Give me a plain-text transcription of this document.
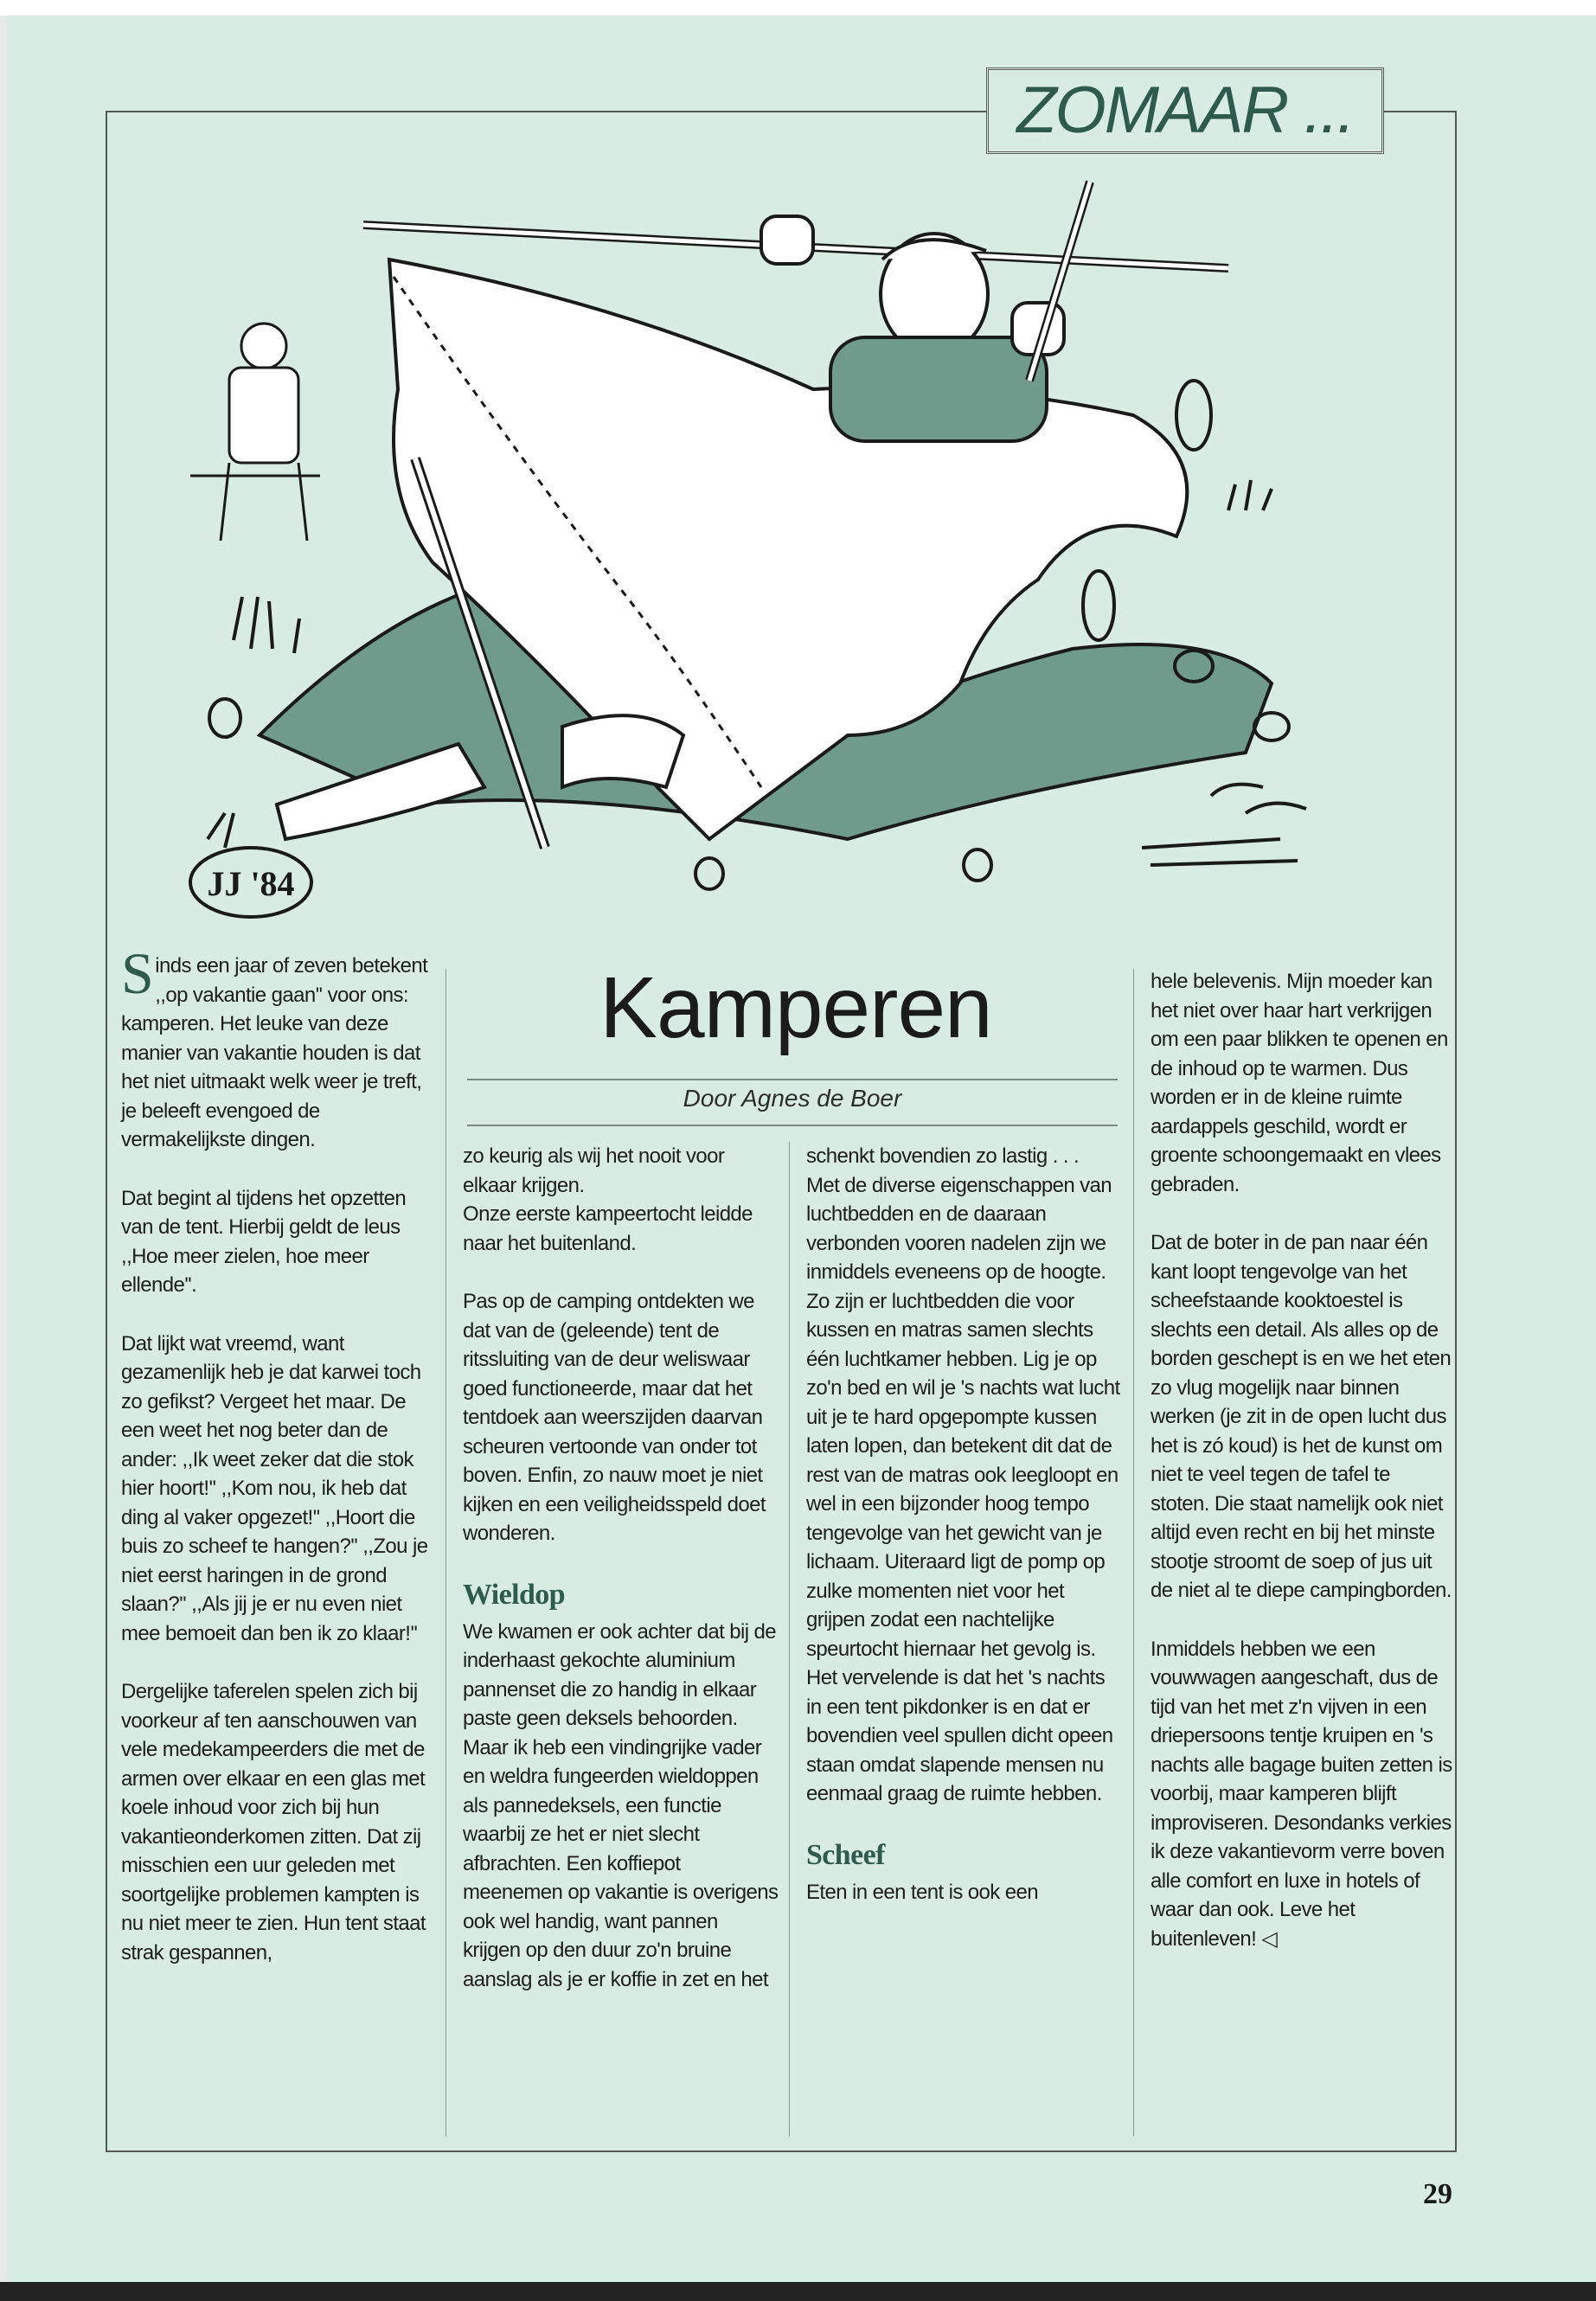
ZOMAAR ...
JJ '84
Kamperen
Door Agnes de Boer

Sinds een jaar of zeven betekent ,,op vakantie gaan'' voor ons: kamperen. Het leuke van deze manier van vakantie houden is dat het niet uitmaakt welk weer je treft, je beleeft evengoed de vermakelijkste dingen.

Dat begint al tijdens het opzetten van de tent. Hierbij geldt de leus ,,Hoe meer zielen, hoe meer ellende''.

Dat lijkt wat vreemd, want gezamenlijk heb je dat karwei toch zo gefikst? Vergeet het maar. De een weet het nog beter dan de ander: ,,Ik weet zeker dat die stok hier hoort!'' ,,Kom nou, ik heb dat ding al vaker opgezet!'' ,,Hoort die buis zo scheef te hangen?'' ,,Zou je niet eerst haringen in de grond slaan?'' ,,Als jij je er nu even niet mee bemoeit dan ben ik zo klaar!''

Dergelijke taferelen spelen zich bij voorkeur af ten aanschouwen van vele medekampeerders die met de armen over elkaar en een glas met koele inhoud voor zich bij hun vakantieonderkomen zitten. Dat zij misschien een uur geleden met soortgelijke problemen kampten is nu niet meer te zien. Hun tent staat strak gespannen,

zo keurig als wij het nooit voor elkaar krijgen.

Onze eerste kampeertocht leidde naar het buitenland.

Pas op de camping ontdekten we dat van de (geleende) tent de ritssluiting van de deur weliswaar goed functioneerde, maar dat het tentdoek aan weerszijden daarvan scheuren vertoonde van onder tot boven. Enfin, zo nauw moet je niet kijken en een veiligheidsspeld doet wonderen.

Wieldop

We kwamen er ook achter dat bij de inderhaast gekochte aluminium pannenset die zo handig in elkaar paste geen deksels behoorden. Maar ik heb een vindingrijke vader en weldra fungeerden wieldoppen als pannedeksels, een functie waarbij ze het er niet slecht afbrachten. Een koffiepot meenemen op vakantie is overigens ook wel handig, want pannen krijgen op den duur zo'n bruine aanslag als je er koffie in zet en het

schenkt bovendien zo lastig . . .

Met de diverse eigenschappen van luchtbedden en de daaraan verbonden vooren nadelen zijn we inmiddels eveneens op de hoogte. Zo zijn er luchtbedden die voor kussen en matras samen slechts één luchtkamer hebben. Lig je op zo'n bed en wil je 's nachts wat lucht uit je te hard opgepompte kussen laten lopen, dan betekent dit dat de rest van de matras ook leegloopt en wel in een bijzonder hoog tempo tengevolge van het gewicht van je lichaam. Uiteraard ligt de pomp op zulke momenten niet voor het grijpen zodat een nachtelijke speurtocht hiernaar het gevolg is. Het vervelende is dat het 's nachts in een tent pikdonker is en dat er bovendien veel spullen dicht opeen staan omdat slapende mensen nu eenmaal graag de ruimte hebben.

Scheef

Eten in een tent is ook een

hele belevenis. Mijn moeder kan het niet over haar hart verkrijgen om een paar blikken te openen en de inhoud op te warmen. Dus worden er in de kleine ruimte aardappels geschild, wordt er groente schoongemaakt en vlees gebraden.

Dat de boter in de pan naar één kant loopt tengevolge van het scheefstaande kooktoestel is slechts een detail. Als alles op de borden geschept is en we het eten zo vlug mogelijk naar binnen werken (je zit in de open lucht dus het is zó koud) is het de kunst om niet te veel tegen de tafel te stoten. Die staat namelijk ook niet altijd even recht en bij het minste stootje stroomt de soep of jus uit de niet al te diepe campingborden.

Inmiddels hebben we een vouwwagen aangeschaft, dus de tijd van het met z'n vijven in een driepersoons tentje kruipen en 's nachts alle bagage buiten zetten is voorbij, maar kamperen blijft improviseren. Desondanks verkies ik deze vakantievorm verre boven alle comfort en luxe in hotels of waar dan ook. Leve het buitenleven! ◁

29
